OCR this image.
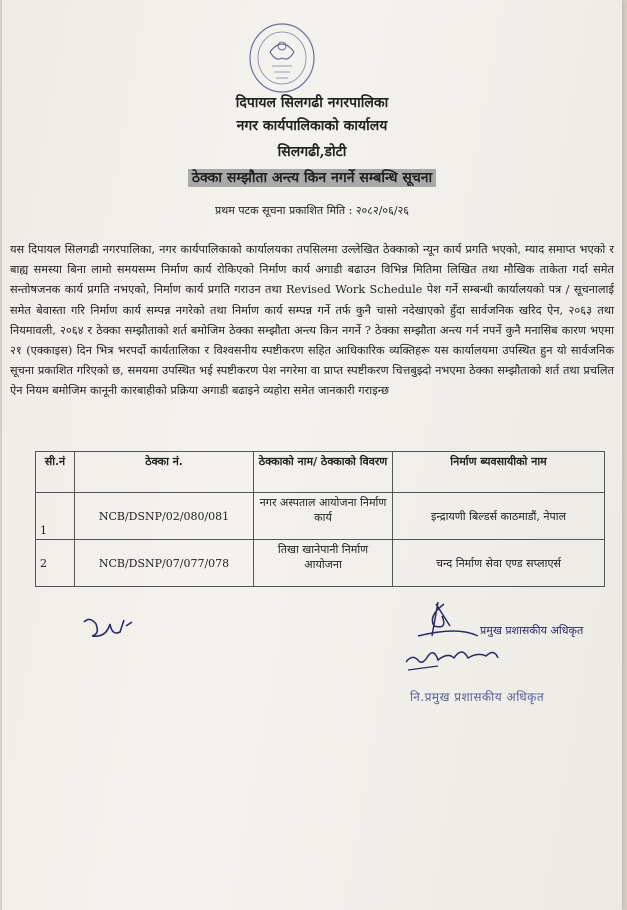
दिपायल सिलगढी नगरपालिका
नगर कार्यपालिकाको कार्यालय
सिलगढी,डोटी
ठेक्का सम्झौता अन्त्य किन नगर्ने सम्बन्धि सूचना
प्रथम पटक सूचना प्रकाशित मिति : २०८२/०६/२६
यस दिपायल सिलगढी नगरपालिका, नगर कार्यपालिकाको कार्यालयका तपसिलमा उल्लेखित ठेक्काको न्यून कार्य प्रगति भएको, म्याद समाप्त भएको र बाह्य समस्या बिना लामो समयसम्म निर्माण कार्य रोकिएको निर्माण कार्य अगाडी बढाउन विभिन्न मितिमा लिखित तथा मौखिक ताकेता गर्दा समेत सन्तोषजनक कार्य प्रगति नभएको, निर्माण कार्य प्रगति गराउन तथा Revised Work Schedule पेश गर्ने सम्बन्धी कार्यालयको पत्र / सूचनालाई समेत बेवास्ता गरि निर्माण कार्य सम्पन्न नगरेको तथा निर्माण कार्य सम्पन्न गर्ने तर्फ कुनै चासो नदेखाएको हुँदा सार्वजनिक खरिद ऐन, २०६३ तथा नियमावली, २०६४ र ठेक्का सम्झौताको शर्त बमोजिम ठेक्का सम्झौता अन्त्य किन नगर्ने ? ठेक्का सम्झौता अन्त्य गर्न नपर्ने कुनै मनासिब कारण भएमा २१ (एक्काइस) दिन भित्र भरपर्दो कार्यतालिका र विश्वसनीय स्पष्टीकरण सहित आधिकारिक व्यक्तिहरू यस कार्यालयमा उपस्थित हुन यो सार्वजनिक सूचना प्रकाशित गरिएको छ, समयमा उपस्थित भई स्पष्टीकरण पेश नगरेमा वा प्राप्त स्पष्टीकरण चित्तबुझ्दो नभएमा ठेक्का सम्झौताको शर्त तथा प्रचलित ऐन नियम बमोजिम कानूनी कारबाहीको प्रक्रिया अगाडी बढाइने व्यहोरा समेत जानकारी गराइन्छ
सी.नं	ठेक्का नं.	ठेक्काको नाम/ ठेक्काको विवरण	निर्माण ब्यवसायीको नाम
1	NCB/DSNP/02/080/081	नगर अस्पताल आयोजना निर्माण कार्य	इन्द्रायणी बिल्डर्स काठमाडौं, नेपाल
2	NCB/DSNP/07/077/078	तिखा खानेपानी निर्माण आयोजना	चन्द निर्माण सेवा एण्ड सप्लाएर्स
प्रमुख प्रशासकीय अधिकृत
नि.प्रमुख प्रशासकीय अधिकृत
